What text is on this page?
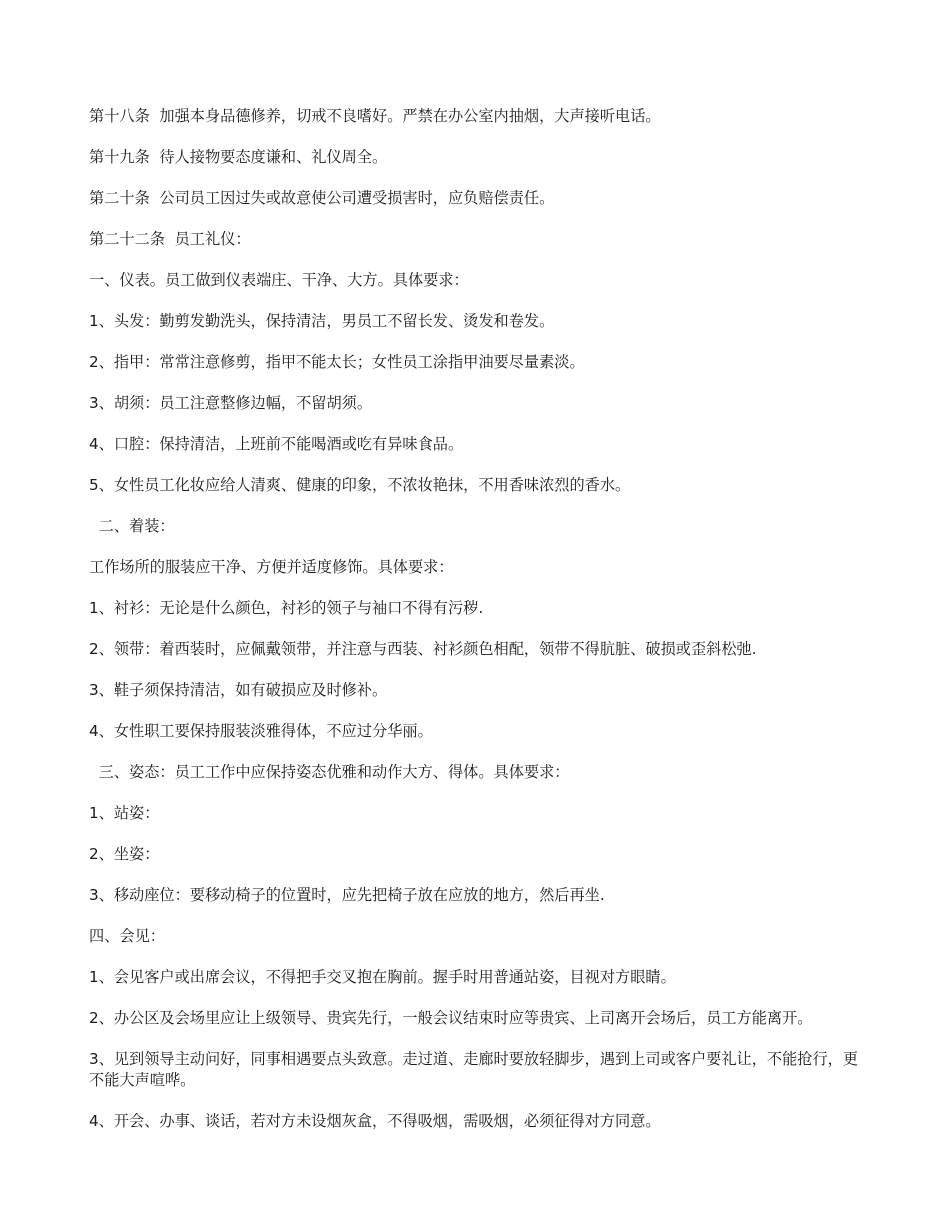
第十八条  加强本身品德修养，切戒不良嗜好。严禁在办公室内抽烟，大声接听电话。

第十九条  待人接物要态度谦和、礼仪周全。

第二十条  公司员工因过失或故意使公司遭受损害时，应负赔偿责任。

第二十二条  员工礼仪：

一、仪表。员工做到仪表端庄、干净、大方。具体要求：

1、头发：勤剪发勤洗头，保持清洁，男员工不留长发、烫发和卷发。

2、指甲：常常注意修剪，指甲不能太长；女性员工涂指甲油要尽量素淡。

3、胡须：员工注意整修边幅，不留胡须。

4、口腔：保持清洁，上班前不能喝酒或吃有异味食品。

5、女性员工化妆应给人清爽、健康的印象，不浓妆艳抹，不用香味浓烈的香水。

二、着装：

工作场所的服装应干净、方便并适度修饰。具体要求：

1、衬衫：无论是什么颜色，衬衫的领子与袖口不得有污秽.

2、领带：着西装时，应佩戴领带，并注意与西装、衬衫颜色相配，领带不得肮脏、破损或歪斜松弛.

3、鞋子须保持清洁，如有破损应及时修补。

4、女性职工要保持服装淡雅得体，不应过分华丽。

三、姿态：员工工作中应保持姿态优雅和动作大方、得体。具体要求：

1、站姿：

2、坐姿：

3、移动座位：要移动椅子的位置时，应先把椅子放在应放的地方，然后再坐.

四、会见：

1、会见客户或出席会议，不得把手交叉抱在胸前。握手时用普通站姿，目视对方眼睛。

2、办公区及会场里应让上级领导、贵宾先行，一般会议结束时应等贵宾、上司离开会场后，员工方能离开。

3、见到领导主动问好，同事相遇要点头致意。走过道、走廊时要放轻脚步，遇到上司或客户要礼让，不能抢行，更不能大声喧哗。

4、开会、办事、谈话，若对方未设烟灰盒，不得吸烟，需吸烟，必须征得对方同意。
